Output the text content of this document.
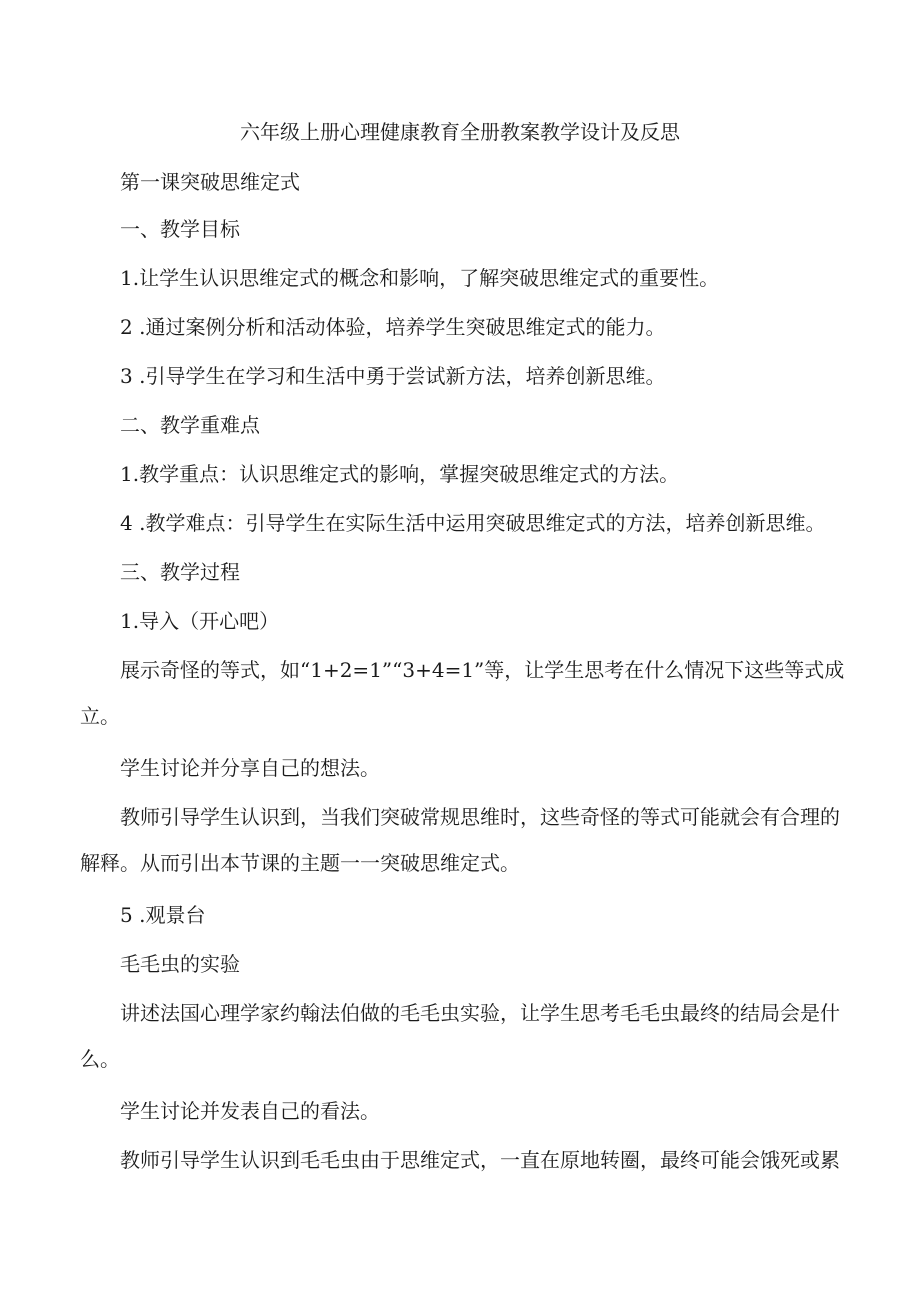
六年级上册心理健康教育全册教案教学设计及反思

第一课突破思维定式

一、教学目标

1.让学生认识思维定式的概念和影响，了解突破思维定式的重要性。

2 .通过案例分析和活动体验，培养学生突破思维定式的能力。

3 .引导学生在学习和生活中勇于尝试新方法，培养创新思维。

二、教学重难点

1.教学重点：认识思维定式的影响，掌握突破思维定式的方法。

4 .教学难点：引导学生在实际生活中运用突破思维定式的方法，培养创新思维。

三、教学过程

1.导入（开心吧）

展示奇怪的等式，如“1+2=1”“3+4=1”等，让学生思考在什么情况下这些等式成立。

学生讨论并分享自己的想法。

教师引导学生认识到，当我们突破常规思维时，这些奇怪的等式可能就会有合理的解释。从而引出本节课的主题一一突破思维定式。

5 .观景台

毛毛虫的实验

讲述法国心理学家约翰法伯做的毛毛虫实验，让学生思考毛毛虫最终的结局会是什么。

学生讨论并发表自己的看法。

教师引导学生认识到毛毛虫由于思维定式，一直在原地转圈，最终可能会饿死或累
